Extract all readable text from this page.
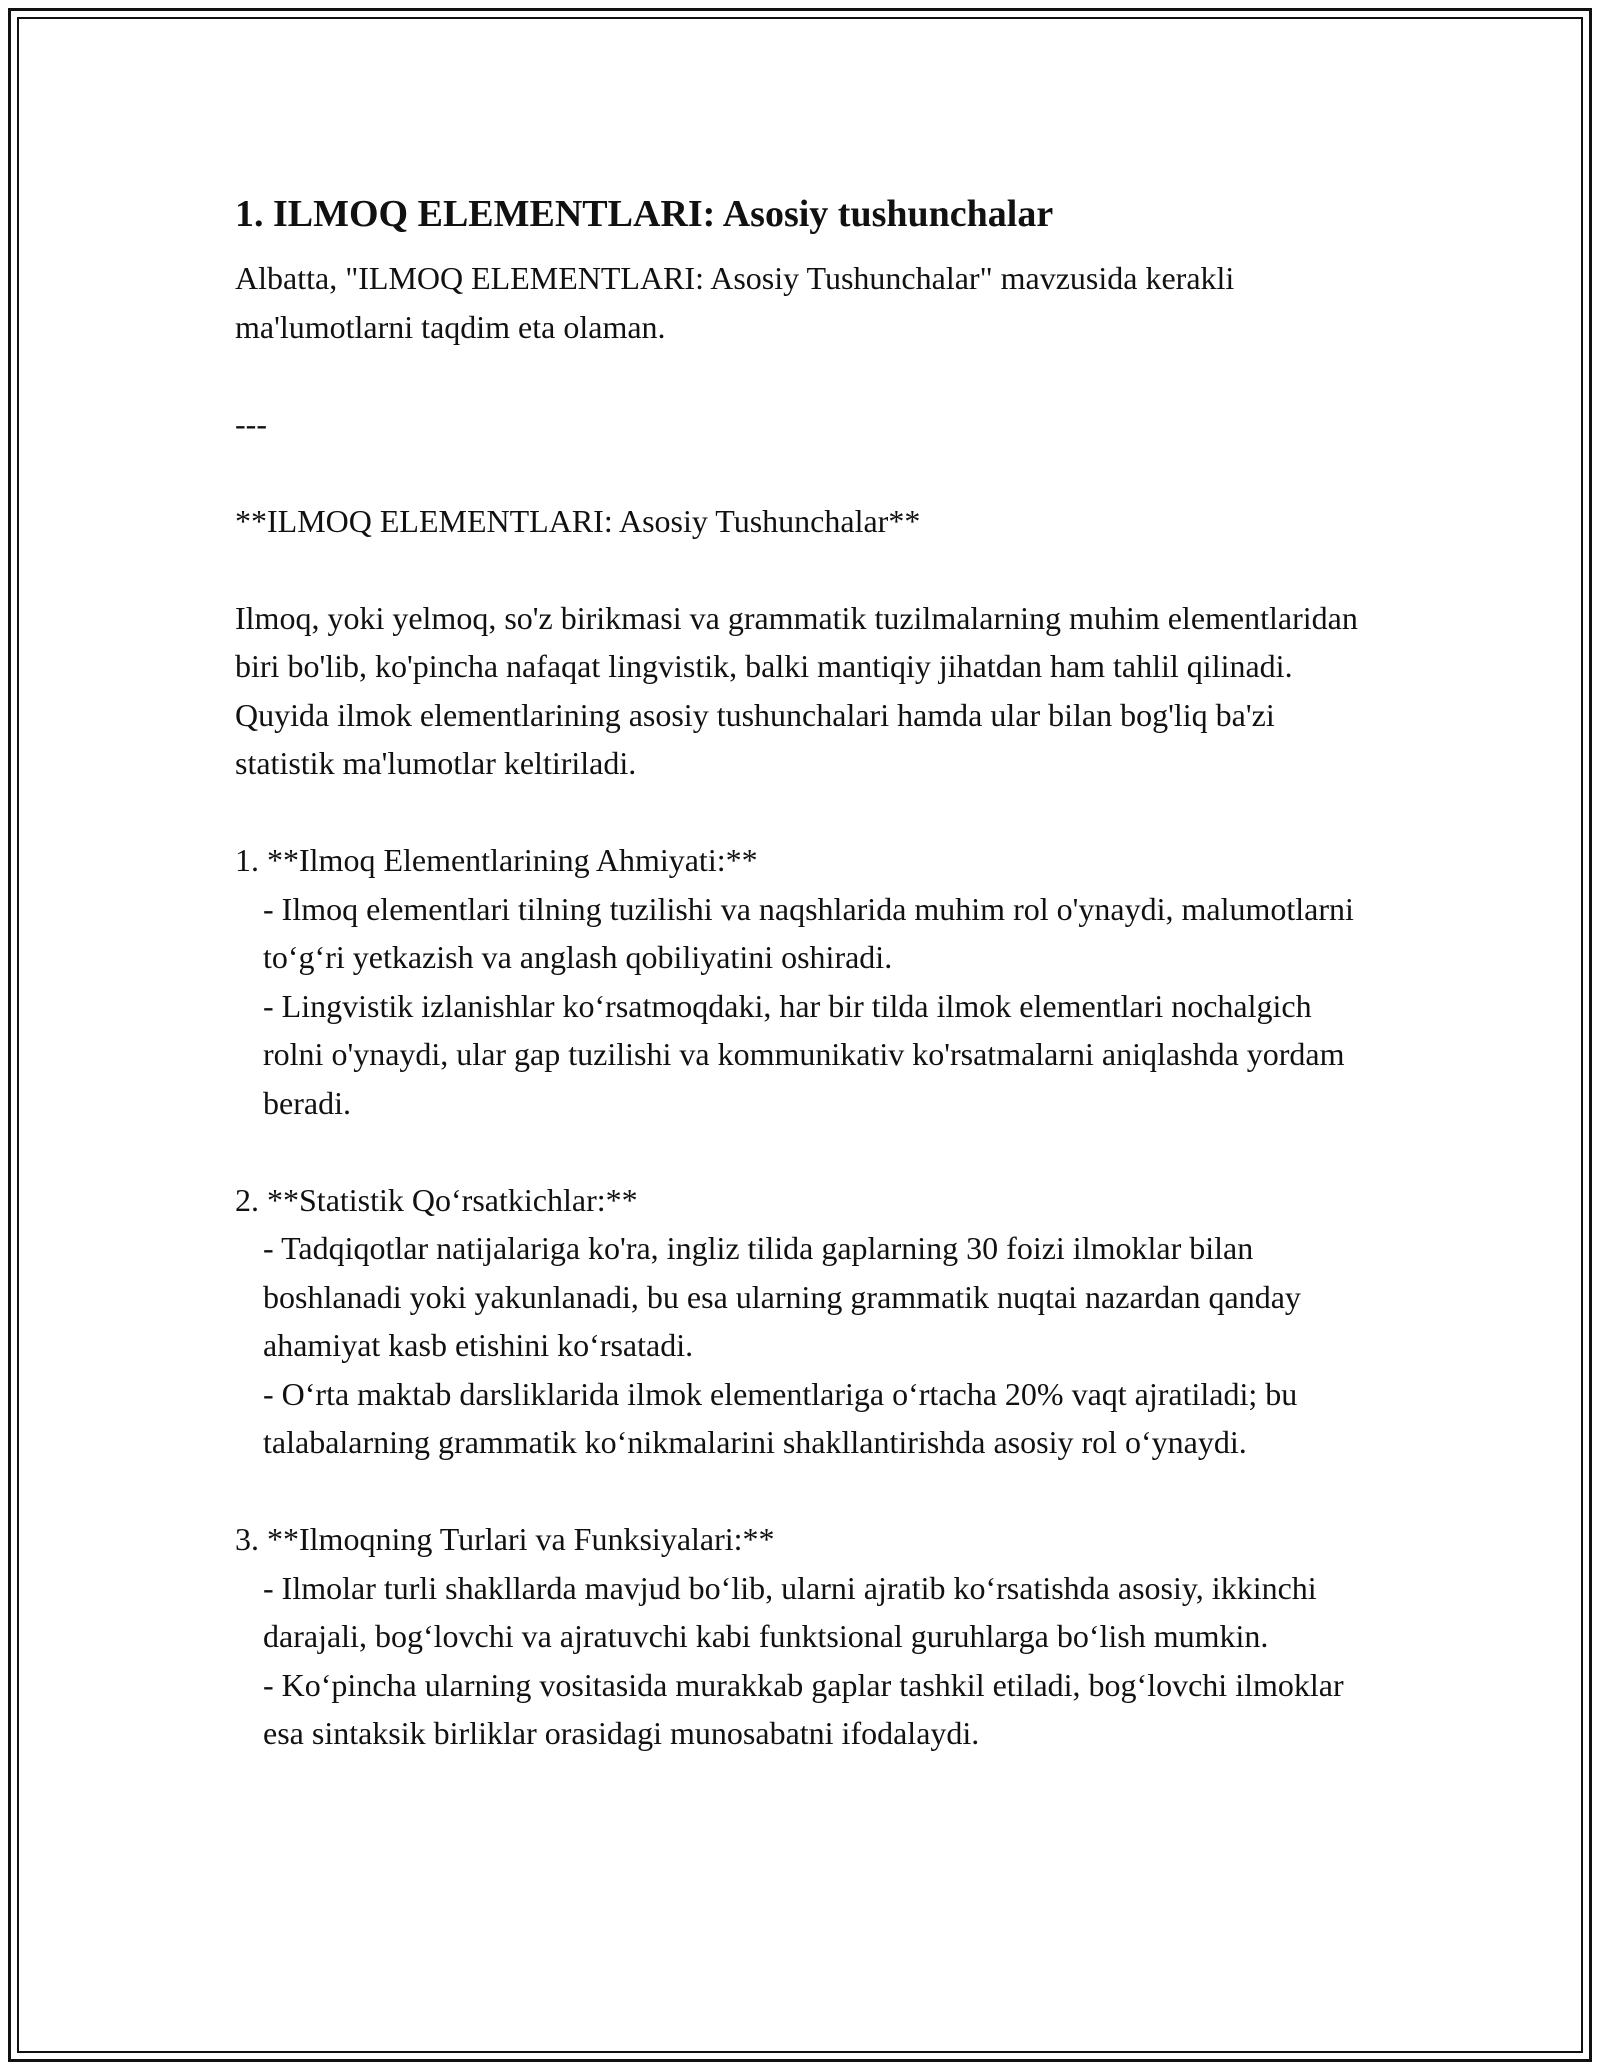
1. ILMOQ ELEMENTLARI: Asosiy tushunchalar

Albatta, "ILMOQ ELEMENTLARI: Asosiy Tushunchalar" mavzusida kerakli ma'lumotlarni taqdim eta olaman.

---

**ILMOQ ELEMENTLARI: Asosiy Tushunchalar**

Ilmoq, yoki yelmoq, so'z birikmasi va grammatik tuzilmalarning muhim elementlaridan biri bo'lib, ko'pincha nafaqat lingvistik, balki mantiqiy jihatdan ham tahlil qilinadi. Quyida ilmok elementlarining asosiy tushunchalari hamda ular bilan bog'liq ba'zi statistik ma'lumotlar keltiriladi.

1. **Ilmoq Elementlarining Ahmiyati:**

- Ilmoq elementlari tilning tuzilishi va naqshlarida muhim rol o'ynaydi, malumotlarni to‘g‘ri yetkazish va anglash qobiliyatini oshiradi.

- Lingvistik izlanishlar ko‘rsatmoqdaki, har bir tilda ilmok elementlari nochalgich rolni o'ynaydi, ular gap tuzilishi va kommunikativ ko'rsatmalarni aniqlashda yordam beradi.

2. **Statistik Qo‘rsatkichlar:**

- Tadqiqotlar natijalariga ko'ra, ingliz tilida gaplarning 30 foizi ilmoklar bilan boshlanadi yoki yakunlanadi, bu esa ularning grammatik nuqtai nazardan qanday ahamiyat kasb etishini ko‘rsatadi.

- O‘rta maktab darsliklarida ilmok elementlariga o‘rtacha 20% vaqt ajratiladi; bu talabalarning grammatik ko‘nikmalarini shakllantirishda asosiy rol o‘ynaydi.

3. **Ilmoqning Turlari va Funksiyalari:**

- Ilmolar turli shakllarda mavjud bo‘lib, ularni ajratib ko‘rsatishda asosiy, ikkinchi darajali, bog‘lovchi va ajratuvchi kabi funktsional guruhlarga bo‘lish mumkin.

- Ko‘pincha ularning vositasida murakkab gaplar tashkil etiladi, bog‘lovchi ilmoklar esa sintaksik birliklar orasidagi munosabatni ifodalaydi.
